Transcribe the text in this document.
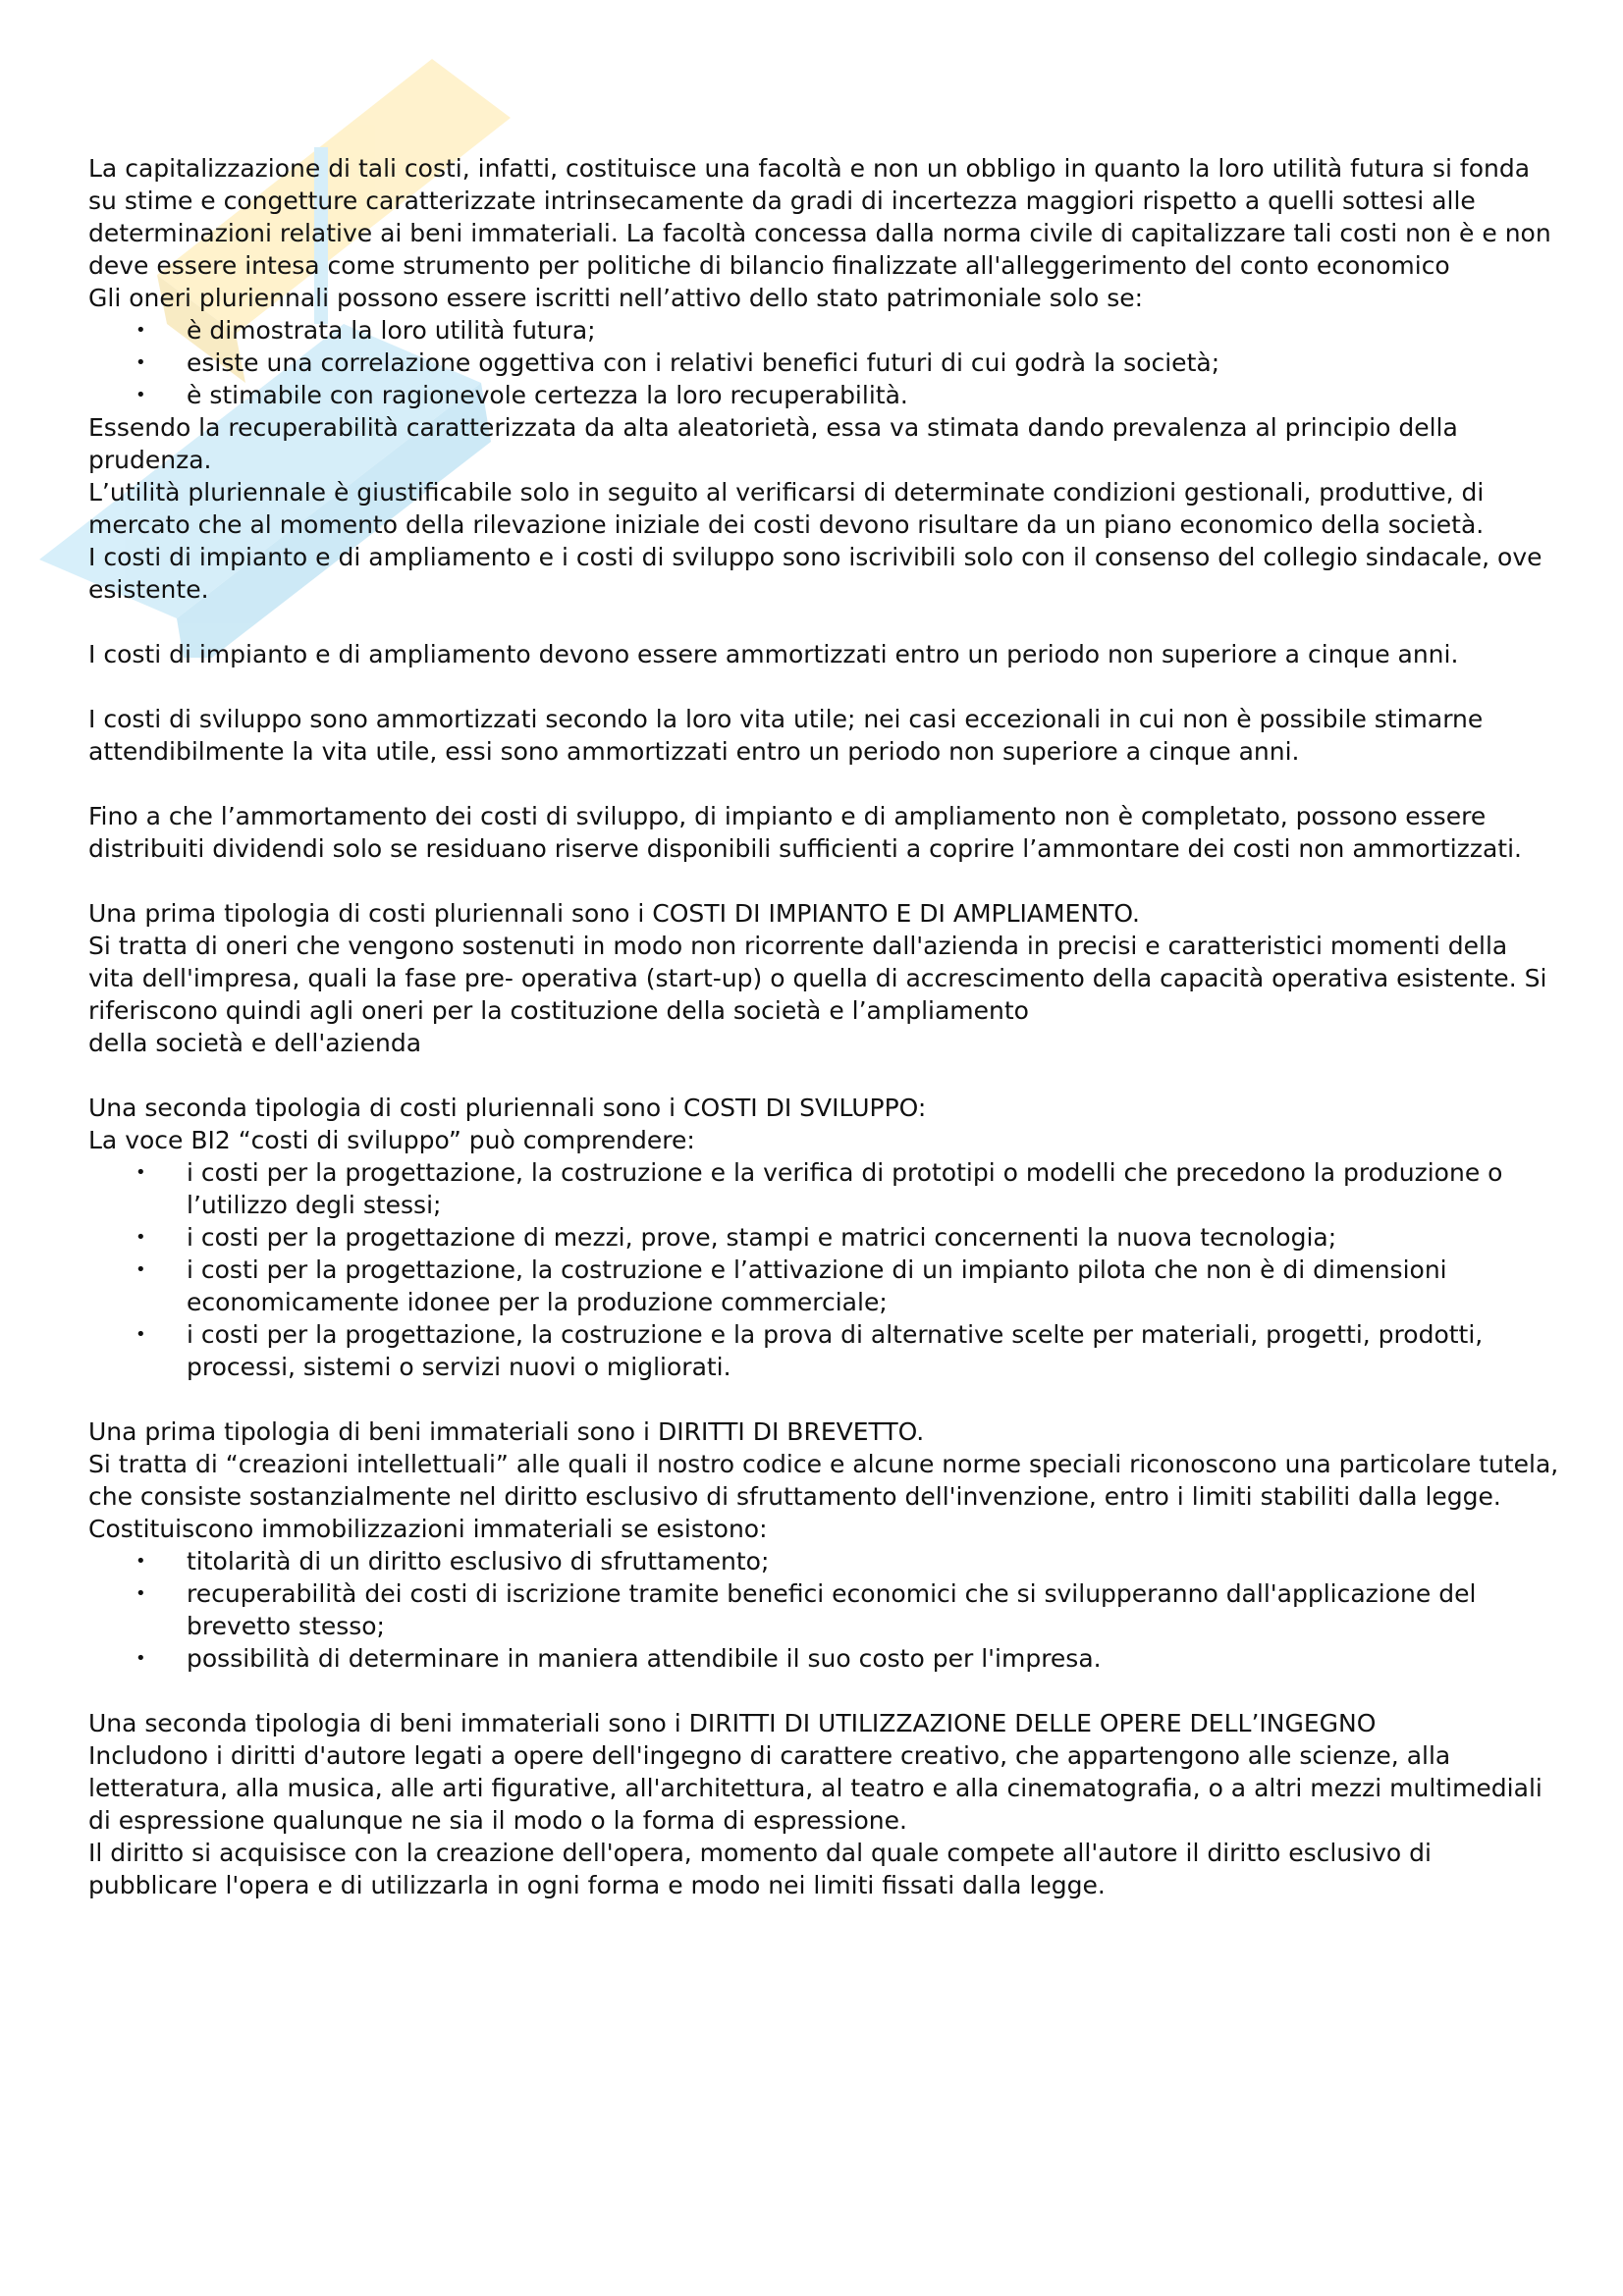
La capitalizzazione di tali costi, infatti, costituisce una facoltà e non un obbligo in quanto la loro utilità futura si fonda su stime e congetture caratterizzate intrinsecamente da gradi di incertezza maggiori rispetto a quelli sottesi alle determinazioni relative ai beni immateriali. La facoltà concessa dalla norma civile di capitalizzare tali costi non è e non deve essere intesa come strumento per politiche di bilancio finalizzate all'alleggerimento del conto economico

Gli oneri pluriennali possono essere iscritti nell’attivo dello stato patrimoniale solo se:

• è dimostrata la loro utilità futura;
• esiste una correlazione oggettiva con i relativi benefici futuri di cui godrà la società;
• è stimabile con ragionevole certezza la loro recuperabilità.

Essendo la recuperabilità caratterizzata da alta aleatorietà, essa va stimata dando prevalenza al principio della prudenza.

L’utilità pluriennale è giustificabile solo in seguito al verificarsi di determinate condizioni gestionali, produttive, di mercato che al momento della rilevazione iniziale dei costi devono risultare da un piano economico della società.

I costi di impianto e di ampliamento e i costi di sviluppo sono iscrivibili solo con il consenso del collegio sindacale, ove esistente.

I costi di impianto e di ampliamento devono essere ammortizzati entro un periodo non superiore a cinque anni.

I costi di sviluppo sono ammortizzati secondo la loro vita utile; nei casi eccezionali in cui non è possibile stimarne attendibilmente la vita utile, essi sono ammortizzati entro un periodo non superiore a cinque anni.

Fino a che l’ammortamento dei costi di sviluppo, di impianto e di ampliamento non è completato, possono essere distribuiti dividendi solo se residuano riserve disponibili sufficienti a coprire l’ammontare dei costi non ammortizzati.

Una prima tipologia di costi pluriennali sono i COSTI DI IMPIANTO E DI AMPLIAMENTO.

Si tratta di oneri che vengono sostenuti in modo non ricorrente dall'azienda in precisi e caratteristici momenti della vita dell'impresa, quali la fase pre- operativa (start-up) o quella di accrescimento della capacità operativa esistente. Si riferiscono quindi agli oneri per la costituzione della società e l’ampliamento

della società e dell'azienda

Una seconda tipologia di costi pluriennali sono i COSTI DI SVILUPPO:

La voce BI2 “costi di sviluppo” può comprendere:

• i costi per la progettazione, la costruzione e la verifica di prototipi o modelli che precedono la produzione o l’utilizzo degli stessi;
• i costi per la progettazione di mezzi, prove, stampi e matrici concernenti la nuova tecnologia;
• i costi per la progettazione, la costruzione e l’attivazione di un impianto pilota che non è di dimensioni economicamente idonee per la produzione commerciale;
• i costi per la progettazione, la costruzione e la prova di alternative scelte per materiali, progetti, prodotti, processi, sistemi o servizi nuovi o migliorati.

Una prima tipologia di beni immateriali sono i DIRITTI DI BREVETTO.

Si tratta di “creazioni intellettuali” alle quali il nostro codice e alcune norme speciali riconoscono una particolare tutela, che consiste sostanzialmente nel diritto esclusivo di sfruttamento dell'invenzione, entro i limiti stabiliti dalla legge. Costituiscono immobilizzazioni immateriali se esistono:

• titolarità di un diritto esclusivo di sfruttamento;
• recuperabilità dei costi di iscrizione tramite benefici economici che si svilupperanno dall'applicazione del brevetto stesso;
• possibilità di determinare in maniera attendibile il suo costo per l'impresa.

Una seconda tipologia di beni immateriali sono i DIRITTI DI UTILIZZAZIONE DELLE OPERE DELL’INGEGNO

Includono i diritti d'autore legati a opere dell'ingegno di carattere creativo, che appartengono alle scienze, alla letteratura, alla musica, alle arti figurative, all'architettura, al teatro e alla cinematografia, o a altri mezzi multimediali di espressione qualunque ne sia il modo o la forma di espressione.

Il diritto si acquisisce con la creazione dell'opera, momento dal quale compete all'autore il diritto esclusivo di pubblicare l'opera e di utilizzarla in ogni forma e modo nei limiti fissati dalla legge.
